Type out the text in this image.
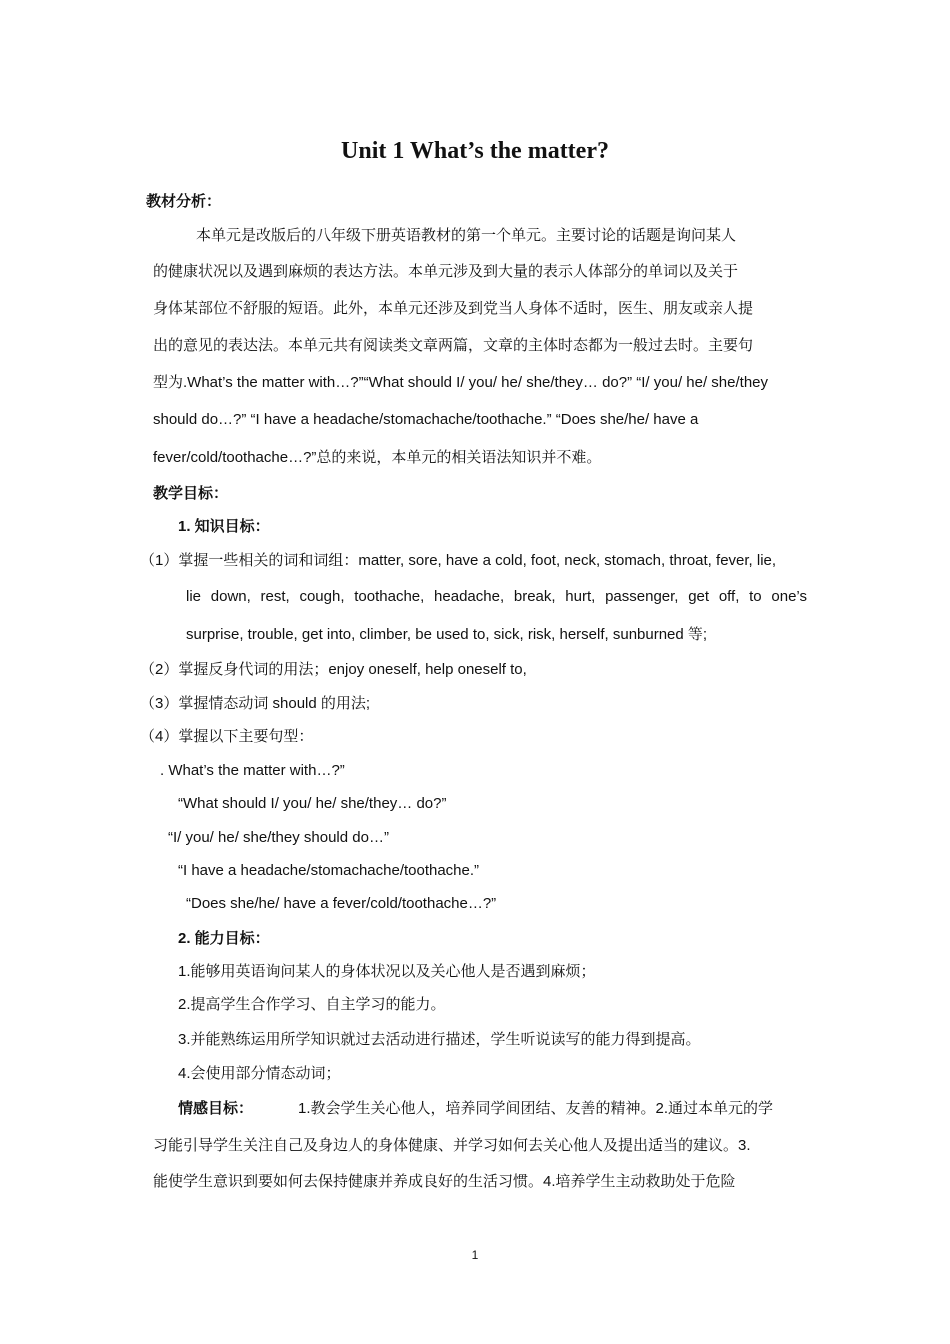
Unit 1 What’s the matter?
教材分析：
本单元是改版后的八年级下册英语教材的第一个单元。主要讨论的话题是询问某人
的健康状况以及遇到麻烦的表达方法。本单元涉及到大量的表示人体部分的单词以及关于
身体某部位不舒服的短语。此外，本单元还涉及到党当人身体不适时，医生、朋友或亲人提
出的意见的表达法。本单元共有阅读类文章两篇，文章的主体时态都为一般过去时。主要句
型为.What’s the matter with…?”“What should I/ you/ he/ she/they… do?” “I/ you/ he/ she/they
should do…?” “I have a headache/stomachache/toothache.” “Does she/he/ have a
fever/cold/toothache…?”总的来说，本单元的相关语法知识并不难。
教学目标：
1. 知识目标：
（1）掌握一些相关的词和词组：matter, sore, have a cold, foot, neck, stomach, throat, fever, lie,
lie down, rest, cough, toothache, headache, break, hurt, passenger, get off, to one’s
surprise, trouble, get into, climber, be used to, sick, risk, herself, sunburned 等;
（2）掌握反身代词的用法；enjoy oneself, help oneself to,
（3）掌握情态动词 should 的用法;
（4）掌握以下主要句型：
. What’s the matter with…?”
“What should I/ you/ he/ she/they… do?”
“I/ you/ he/ she/they should do…”
“I have a headache/stomachache/toothache.”
“Does she/he/ have a fever/cold/toothache…?”
2. 能力目标：
1.能够用英语询问某人的身体状况以及关心他人是否遇到麻烦；
2.提高学生合作学习、自主学习的能力。
3.并能熟练运用所学知识就过去活动进行描述，学生听说读写的能力得到提高。
4.会使用部分情态动词；
情感目标：	1.教会学生关心他人，培养同学间团结、友善的精神。2.通过本单元的学
习能引导学生关注自己及身边人的身体健康、并学习如何去关心他人及提出适当的建议。3.
能使学生意识到要如何去保持健康并养成良好的生活习惯。4.培养学生主动救助处于危险
1
